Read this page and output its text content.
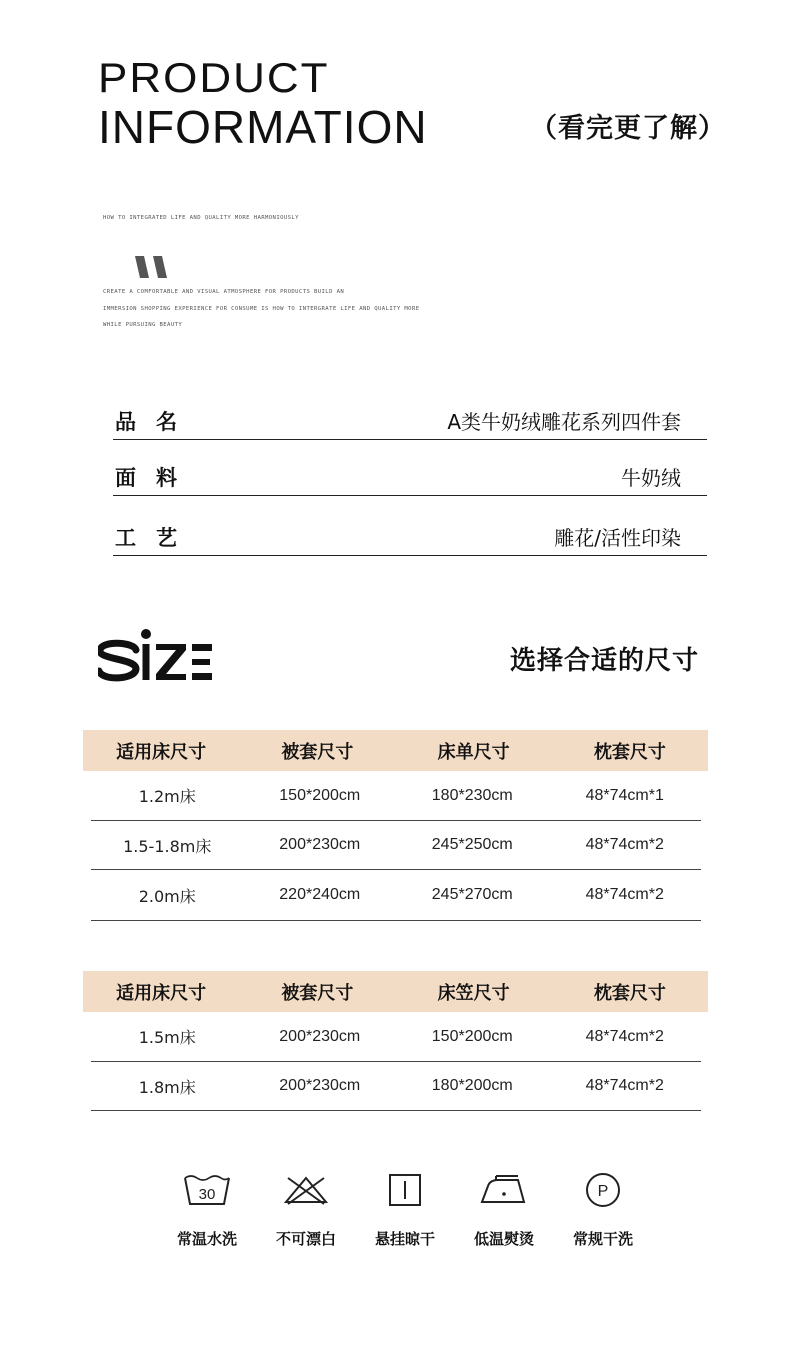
PRODUCT
INFORMATION	（看完更了解）
HOW TO INTEGRATED LIFE AND QUALITY MORE HARMONIOUSLY
CREATE A COMFORTABLE AND VISUAL ATMOSPHERE FOR PRODUCTS BUILD AN
IMMERSION SHOPPING EXPERIENCE FOR CONSUME IS HOW TO INTERGRATE LIFE AND QUALITY MORE
WHILE PURSUING BEAUTY
品名	A类牛奶绒雕花系列四件套
面料	牛奶绒
工艺	雕花/活性印染
选择合适的尺寸
适用床尺寸	被套尺寸	床单尺寸	枕套尺寸
1.2m床	150*200cm	180*230cm	48*74cm*1
1.5-1.8m床	200*230cm	245*250cm	48*74cm*2
2.0m床	220*240cm	245*270cm	48*74cm*2
适用床尺寸	被套尺寸	床笠尺寸	枕套尺寸
1.5m床	200*230cm	150*200cm	48*74cm*2
1.8m床	200*230cm	180*200cm	48*74cm*2
30
常温水洗	不可漂白	悬挂晾干	低温熨烫
P
常规干洗
